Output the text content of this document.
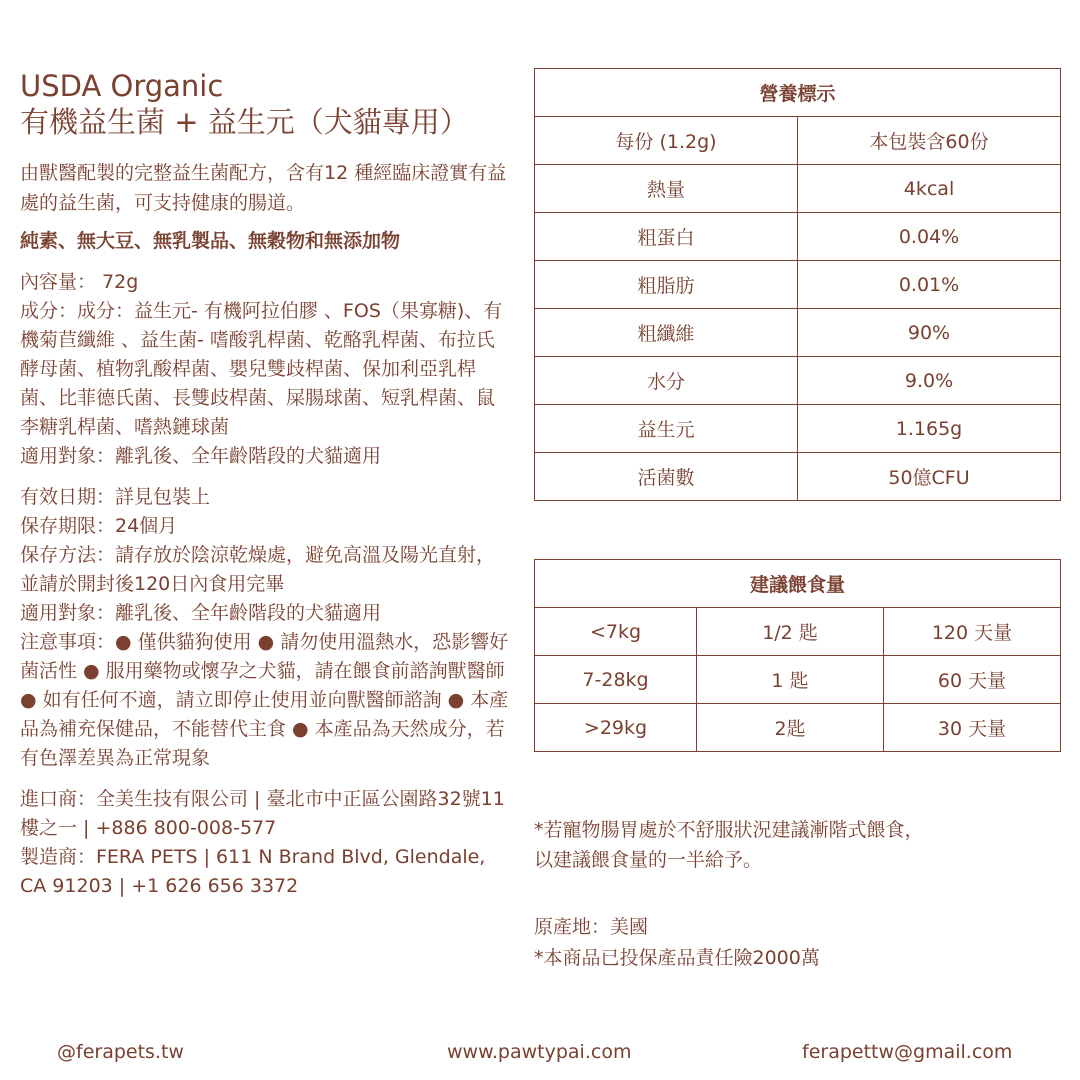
USDA Organic
有機益生菌 + 益生元（犬貓專用）
由獸醫配製的完整益生菌配方，含有12 種經臨床證實有益處的益生菌，可支持健康的腸道。
純素、無大豆、無乳製品、無穀物和無添加物

內容量： 72g

成分：成分：益生元- 有機阿拉伯膠 、FOS（果寡糖)、有機菊苣纖維 、益生菌- 嗜酸乳桿菌、乾酪乳桿菌、布拉氏酵母菌、植物乳酸桿菌、嬰兒雙歧桿菌、保加利亞乳桿菌、比菲德氏菌、長雙歧桿菌、屎腸球菌、短乳桿菌、鼠李糖乳桿菌、嗜熱鏈球菌

適用對象：離乳後、全年齡階段的犬貓適用

有效日期：詳見包裝上

保存期限：24個月

保存方法：請存放於陰涼乾燥處，避免高溫及陽光直射，並請於開封後120日內食用完畢

適用對象：離乳後、全年齡階段的犬貓適用

注意事項：● 僅供貓狗使用 ● 請勿使用溫熱水，恐影響好菌活性 ● 服用藥物或懷孕之犬貓，請在餵食前諮詢獸醫師 ● 如有任何不適，請立即停止使用並向獸醫師諮詢 ● 本產品為補充保健品，不能替代主食 ● 本產品為天然成分，若有色澤差異為正常現象

進口商：全美生技有限公司 | 臺北市中正區公園路32號11樓之一 | +886 800-008-577

製造商：FERA PETS | 611 N Brand Blvd, Glendale, CA 91203 | +1 626 656 3372

營養標示	
每份 (1.2g)	本包裝含60份
熱量	4kcal
粗蛋白	0.04%
粗脂肪	0.01%
粗纖維	90%
水分	9.0%
益生元	1.165g
活菌數	50億CFU
建議餵食量		
<7kg	1/2 匙	120 天量
7-28kg	1 匙	60 天量
>29kg	2匙	30 天量

*若寵物腸胃處於不舒服狀況建議漸階式餵食，

以建議餵食量的一半給予。

原產地：美國

*本商品已投保產品責任險2000萬

@ferapets.tw	www.pawtypai.com	ferapettw@gmail.com
